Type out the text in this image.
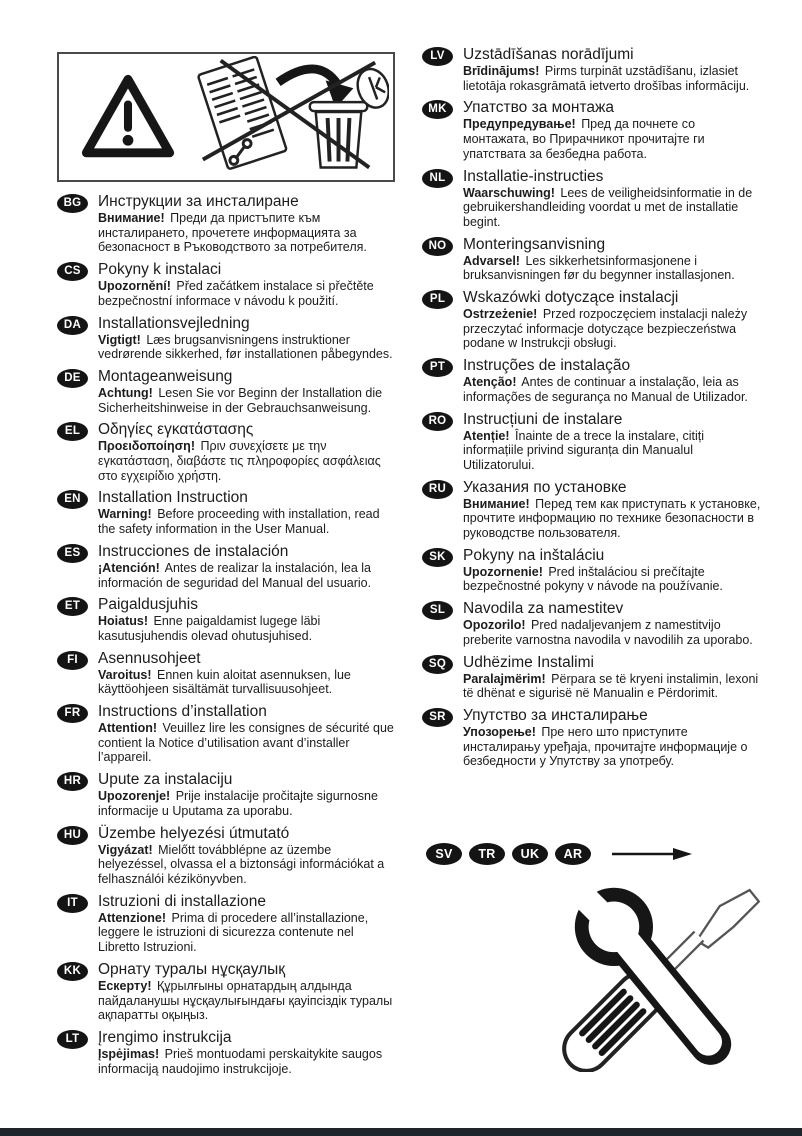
BG	Инструкции за инсталиране

Внимание! Преди да пристъпите към инсталирането, прочетете информацията за безопасност в Ръководството за потребителя.

CS	Pokyny k instalaci

Upozornění! Před začátkem instalace si přečtěte bezpečnostní informace v návodu k použití.

DA	Installationsvejledning

Vigtigt! Læs brugsanvisningens instruktioner vedrørende sikkerhed, før installationen påbegyndes.

DE	Montageanweisung

Achtung! Lesen Sie vor Beginn der Installation die Sicherheitshinweise in der Gebrauchsanweisung.

EL	Οδηγίες εγκατάστασης

Προειδοποίηση! Πριν συνεχίσετε με την εγκατάσταση, διαβάστε τις πληροφορίες ασφάλειας στο εγχειρίδιο χρήστη.

EN	Installation Instruction

Warning! Before proceeding with installation, read the safety information in the User Manual.

ES	Instrucciones de instalación

¡Atención! Antes de realizar la instalación, lea la información de seguridad del Manual del usuario.

ET	Paigaldusjuhis

Hoiatus! Enne paigaldamist lugege läbi kasutusjuhendis olevad ohutusjuhised.

FI	Asennusohjeet

Varoitus! Ennen kuin aloitat asennuksen, lue käyttöohjeen sisältämät turvallisuusohjeet.

FR	Instructions d’installation

Attention! Veuillez lire les consignes de sécurité que contient la Notice d’utilisation avant d’installer l’appareil.

HR	Upute za instalaciju

Upozorenje! Prije instalacije pročitajte sigurnosne informacije u Uputama za uporabu.

HU	Üzembe helyezési útmutató

Vigyázat! Mielőtt továbblépne az üzembe helyezéssel, olvassa el a biztonsági információkat a felhasználói kézikönyvben.

IT	Istruzioni di installazione

Attenzione! Prima di procedere all’installazione, leggere le istruzioni di sicurezza contenute nel Libretto Istruzioni.

KK	Орнату туралы нұсқаулық

Ескерту! Құрылғыны орнатардың алдында пайдаланушы нұсқаулығындағы қауіпсіздік туралы ақпаратты оқыңыз.

LT	Įrengimo instrukcija

Įspėjimas! Prieš montuodami perskaitykite saugos informaciją naudojimo instrukcijoje.

LV	Uzstādīšanas norādījumi

Brīdinājums! Pirms turpināt uzstādīšanu, izlasiet lietotāja rokasgrāmatā ietverto drošības informāciju.

MK	Упатство за монтажа

Предупредување! Пред да почнете со монтажата, во Прирачникот прочитајте ги упатствата за безбедна работа.

NL	Installatie-instructies

Waarschuwing! Lees de veiligheidsinformatie in de gebruikershandleiding voordat u met de installatie begint.

NO	Monteringsanvisning

Advarsel! Les sikkerhetsinformasjonene i bruksanvisningen før du begynner installasjonen.

PL	Wskazówki dotyczące instalacji

Ostrzeżenie! Przed rozpoczęciem instalacji należy przeczytać informacje dotyczące bezpieczeństwa podane w Instrukcji obsługi.

PT	Instruções de instalação

Atenção! Antes de continuar a instalação, leia as informações de segurança no Manual de Utilizador.

RO	Instrucțiuni de instalare

Atenție! Înainte de a trece la instalare, citiți informațiile privind siguranța din Manualul Utilizatorului.

RU	Указания по установке

Внимание! Перед тем как приступать к установке, прочтите информацию по технике безопасности в руководстве пользователя.

SK	Pokyny na inštaláciu

Upozornenie! Pred inštaláciou si prečítajte bezpečnostné pokyny v návode na používanie.

SL	Navodila za namestitev

Opozorilo! Pred nadaljevanjem z namestitvijo preberite varnostna navodila v navodilih za uporabo.

SQ	Udhëzime Instalimi

Paralajmërim! Përpara se të kryeni instalimin, lexoni të dhënat e sigurisë në Manualin e Përdorimit.

SR	Упутство за инсталирање

Упозорење! Пре него што приступите инсталирању уређаја, прочитајте информације о безбедности у Упутству за употребу.

SV	TR	UK	AR
